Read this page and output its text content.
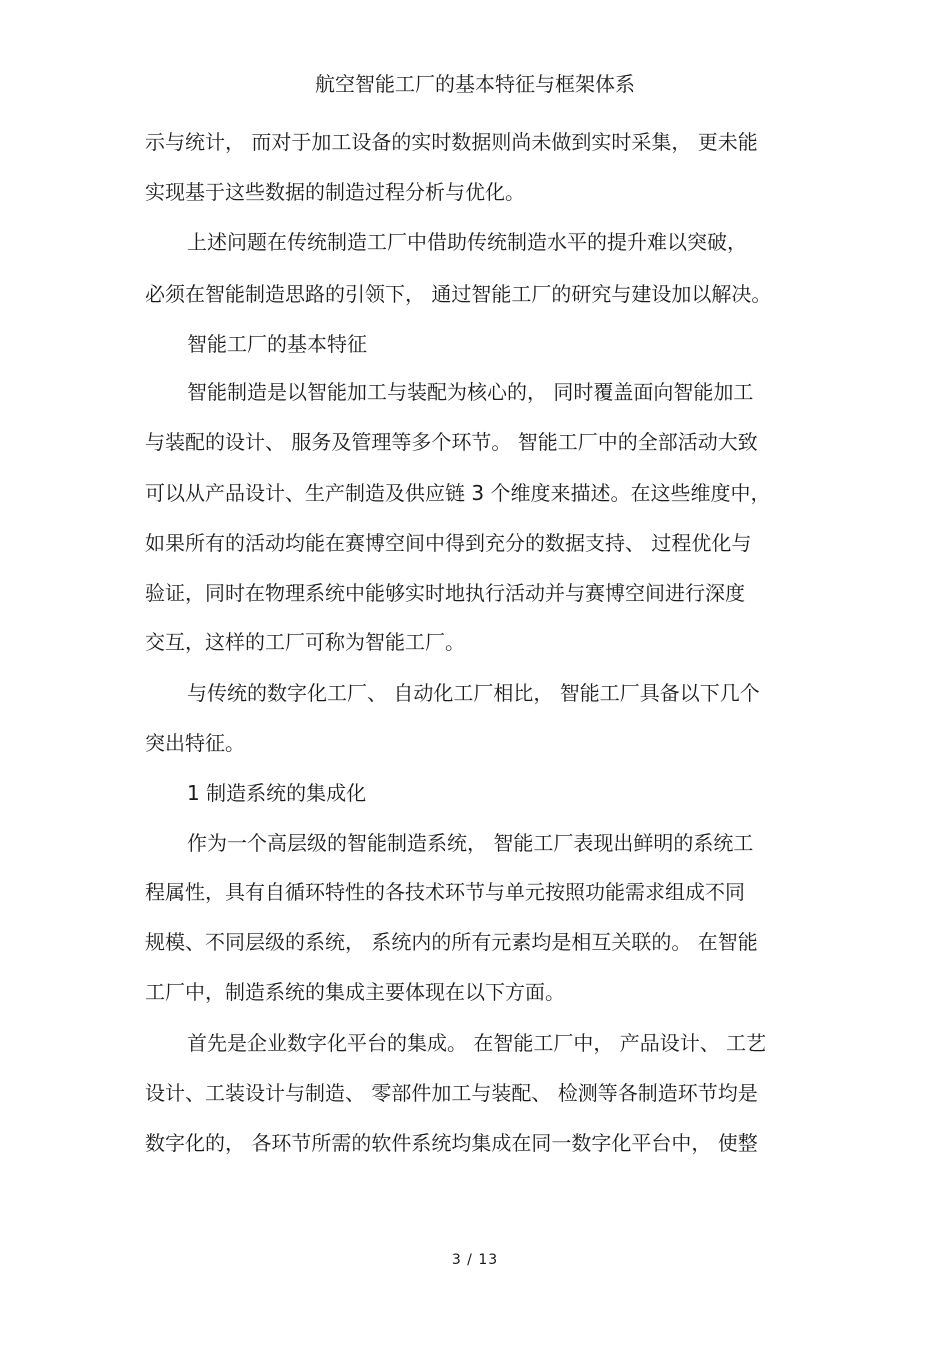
航空智能工厂的基本特征与框架体系
示与统计， 而对于加工设备的实时数据则尚未做到实时采集， 更未能
实现基于这些数据的制造过程分析与优化。
上述问题在传统制造工厂中借助传统制造水平的提升难以突破，
必须在智能制造思路的引领下， 通过智能工厂的研究与建设加以解决。
智能工厂的基本特征
智能制造是以智能加工与装配为核心的， 同时覆盖面向智能加工
与装配的设计、 服务及管理等多个环节。 智能工厂中的全部活动大致
可以从产品设计、生产制造及供应链 3 个维度来描述。在这些维度中，
如果所有的活动均能在赛博空间中得到充分的数据支持、 过程优化与
验证，同时在物理系统中能够实时地执行活动并与赛博空间进行深度
交互，这样的工厂可称为智能工厂。
与传统的数字化工厂、 自动化工厂相比， 智能工厂具备以下几个
突出特征。
1 制造系统的集成化
作为一个高层级的智能制造系统， 智能工厂表现出鲜明的系统工
程属性，具有自循环特性的各技术环节与单元按照功能需求组成不同
规模、不同层级的系统， 系统内的所有元素均是相互关联的。 在智能
工厂中，制造系统的集成主要体现在以下方面。
首先是企业数字化平台的集成。 在智能工厂中， 产品设计、 工艺
设计、工装设计与制造、 零部件加工与装配、 检测等各制造环节均是
数字化的， 各环节所需的软件系统均集成在同一数字化平台中， 使整
3 / 13
